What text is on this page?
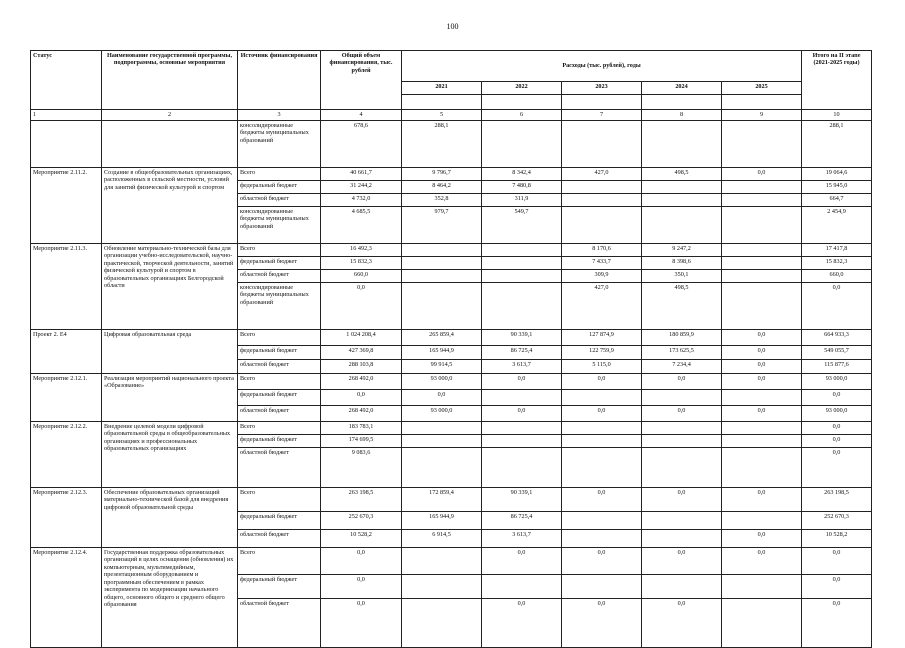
100
Статус	Наименование государственной программы, подпрограммы, основные мероприятия	Источник финансирования	Общий объем финансирования, тыс. рублей	Расходы (тыс. рублей), годы					Итого на II этапе (2021-2025 годы)
				2021	2022	2023	2024	2025	

1	2	3	4	5	6	7	8	9	10
		консолидированные бюджеты муниципальных образований	678,6	288,1					288,1
Мероприятие 2.11.2.	Создание в общеобразовательных организациях, расположенных в сельской местности, условий для занятий физической культурой и спортом	Всего	40 661,7	9 796,7	8 342,4	427,0	498,5	0,0	19 064,6
		федеральный бюджет	31 244,2	8 464,2	7 480,8				15 945,0
		областной бюджет	4 732,0	352,8	311,9				664,7
		консолидированные бюджеты муниципальных образований	4 685,5	979,7	549,7				2 454,9
Мероприятие 2.11.3.	Обновление материально-технической базы для организации учебно-исследовательской, научно-практической, творческой деятельности, занятий физической культурой и спортом в образовательных организациях Белгородской области	Всего	16 492,3			8 170,6	9 247,2		17 417,8
		федеральный бюджет	15 832,3			7 433,7	8 398,6		15 832,3
		областной бюджет	660,0			309,9	350,1		660,0
		консолидированные бюджеты муниципальных образований	0,0			427,0	498,5		0,0
Проект 2. Е4	Цифровая образовательная среда	Всего	1 024 208,4	265 859,4	90 339,1	127 874,9	180 859,9	0,0	664 933,3
		федеральный бюджет	427 369,8	165 944,9	86 725,4	122 759,9	173 625,5	0,0	549 055,7
		областной бюджет	288 103,8	99 914,5	3 613,7	5 115,0	7 234,4	0,0	115 877,6
Мероприятие 2.12.1.	Реализация мероприятий национального проекта «Образование»	Всего	268 492,0	93 000,0	0,0	0,0	0,0	0,0	93 000,0
		федеральный бюджет	0,0	0,0					0,0
		областной бюджет	268 492,0	93 000,0	0,0	0,0	0,0	0,0	93 000,0
Мероприятие 2.12.2.	Внедрение целевой модели цифровой образовательной среды в общеобразовательных организациях и профессиональных образовательных организациях	Всего	183 783,1						0,0
		федеральный бюджет	174 699,5						0,0
		областной бюджет	9 083,6						0,0
Мероприятие 2.12.3.	Обеспечение образовательных организаций материально-технической базой для внедрения цифровой образовательной среды	Всего	263 198,5	172 859,4	90 339,1	0,0	0,0	0,0	263 198,5
		федеральный бюджет	252 670,3	165 944,9	86 725,4				252 670,3
		областной бюджет	10 528,2	6 914,5	3 613,7			0,0	10 528,2
Мероприятие 2.12.4.	Государственная поддержка образовательных организаций в целях оснащения (обновления) их компьютерным, мультимедийным, презентационным оборудованием и программным обеспечением в рамках эксперимента по модернизации начального общего, основного общего и среднего общего образования	Всего	0,0		0,0	0,0	0,0	0,0	0,0
		федеральный бюджет	0,0						0,0
		областной бюджет	0,0		0,0	0,0	0,0		0,0
